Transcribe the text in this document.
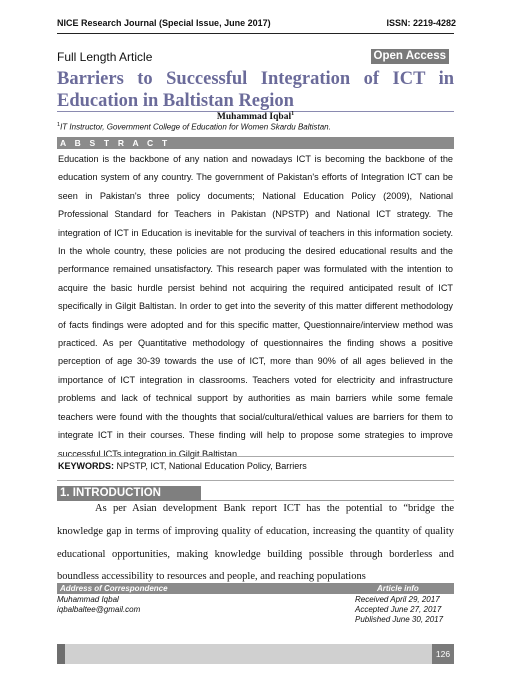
NICE Research Journal (Special Issue, June 2017)	ISSN: 2219-4282
Full Length Article	Open Access
Barriers to Successful Integration of ICT in Education in Baltistan Region
Muhammad Iqbal$^1$
$^1$IT Instructor, Government College of Education for Women Skardu Baltistan.
A B S T R A C T
Education is the backbone of any nation and nowadays ICT is becoming the backbone of the education system of any country. The government of Pakistan's efforts of Integration ICT can be seen in Pakistan's three policy documents; National Education Policy (2009), National Professional Standard for Teachers in Pakistan (NPSTP) and National ICT strategy. The integration of ICT in Education is inevitable for the survival of teachers in this information society. In the whole country, these policies are not producing the desired educational results and the performance remained unsatisfactory. This research paper was formulated with the intention to acquire the basic hurdle persist behind not acquiring the required anticipated result of ICT specifically in Gilgit Baltistan. In order to get into the severity of this matter different methodology of facts findings were adopted and for this specific matter, Questionnaire/interview method was practiced. As per Quantitative methodology of questionnaires the finding shows a positive perception of age 30-39 towards the use of ICT, more than 90% of all ages believed in the importance of ICT integration in classrooms. Teachers voted for electricity and infrastructure problems and lack of technical support by authorities as main barriers while some female teachers were found with the thoughts that social/cultural/ethical values are barriers for them to integrate ICT in their courses. These finding will help to propose some strategies to improve successful ICTs integration in Gilgit Baltistan
KEYWORDS: NPSTP, ICT, National Education Policy, Barriers
1. INTRODUCTION
As per Asian development Bank report ICT has the potential to “bridge the knowledge gap in terms of improving quality of education, increasing the quantity of quality educational opportunities, making knowledge building possible through borderless and boundless accessibility to resources and people, and reaching populations
Address of Correspondence	Article info
Muhammad Iqbal
iqbalbaltee@gmail.com
Received April 29, 2017
Accepted June 27, 2017
Published June 30, 2017
126
